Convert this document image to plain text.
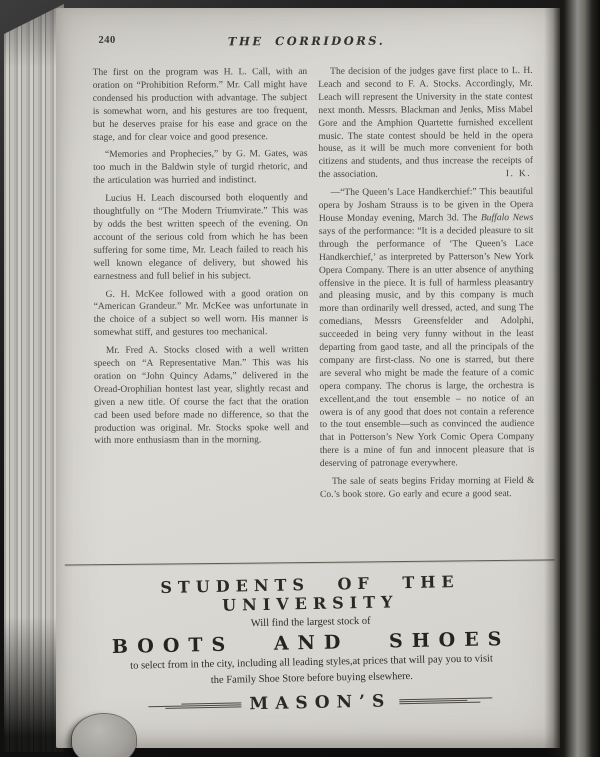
240	THE CORRIDORS.

The first on the program was H. L. Call, with an oration on “Prohibition Reform.” Mr. Call might have condensed his production with advantage. The subject is somewhat worn, and his gestures are too frequent, but he deserves praise for his ease and grace on the stage, and for clear voice and good presence.

“Memories and Prophecies,” by G. M. Gates, was too much in the Baldwin style of turgid rhetoric, and the articulation was hurried and indistinct.

Lucius H. Leach discoursed both eloquently and thoughtfully on “The Modern Triumvirate.” This was by odds the best written speech of the evening. On account of the serious cold from which he has been suffering for some time, Mr. Leach failed to reach his well known elegance of delivery, but showed his earnestness and full belief in his subject.

G. H. McKee followed with a good oration on “American Grandeur.” Mr. McKee was unfortunate in the choice of a subject so well worn. His manner is somewhat stiff, and gestures too mechanical.

Mr. Fred A. Stocks closed with a well written speech on “A Representative Man.” This was his oration on “John Quincy Adams,” delivered in the Oread-Orophilian hontest last year, slightly recast and given a new title. Of course the fact that the oration cad been used before made no difference, so that the production was original. Mr. Stocks spoke well and with more enthusiasm than in the morning.

The decision of the judges gave first place to L. H. Leach and second to F. A. Stocks. Accordingly, Mr. Leach will represent the University in the state contest next month. Messrs. Blackman and Jenks, Miss Mabel Gore and the Amphion Quartette furnished excellent music. The state contest should be held in the opera house, as it will be much more convenient for both citizens and students, and thus increase the receipts of the association.	I. K.

—“The Queen’s Lace Handkerchief:” This beautiful opera by Josham Strauss is to be given in the Opera House Monday evening, March 3d. The Buffalo News says of the performance: “It is a decided pleasure to sit through the performance of ‘The Queen’s Lace Handkerchief,’ as interpreted by Patterson’s New York Opera Company. There is an utter absence of anything offensive in the piece. It is full of harmless pleasantry and pleasing music, and by this company is much more than ordinarily well dressed, acted, and sung The comedians, Messrs Greensfelder and Adolphi, succeeded in being very funny without in the least departing from gaod taste, and all the principals of the company are first-class. No one is starred, but there are several who might be made the feature of a comic opera company. The chorus is large, the orchestra is excellent,and the tout ensemble – no notice of an owera is of any good that does not contain a reference to the tout ensemble—such as convinced the audience that in Potterson’s New York Comic Opera Company there is a mine of fun and innocent pleasure that is deserving of patronage everywhere.

The sale of seats begins Friday morning at Field & Co.’s book store. Go early and ecure a good seat.

STUDENTS OF THE UNIVERSITY
Will find the largest stock of
BOOTS AND SHOES
to select from in the city, including all leading styles,at prices that will pay you to visit
the Family Shoe Store before buying elsewhere.
MASON’S
